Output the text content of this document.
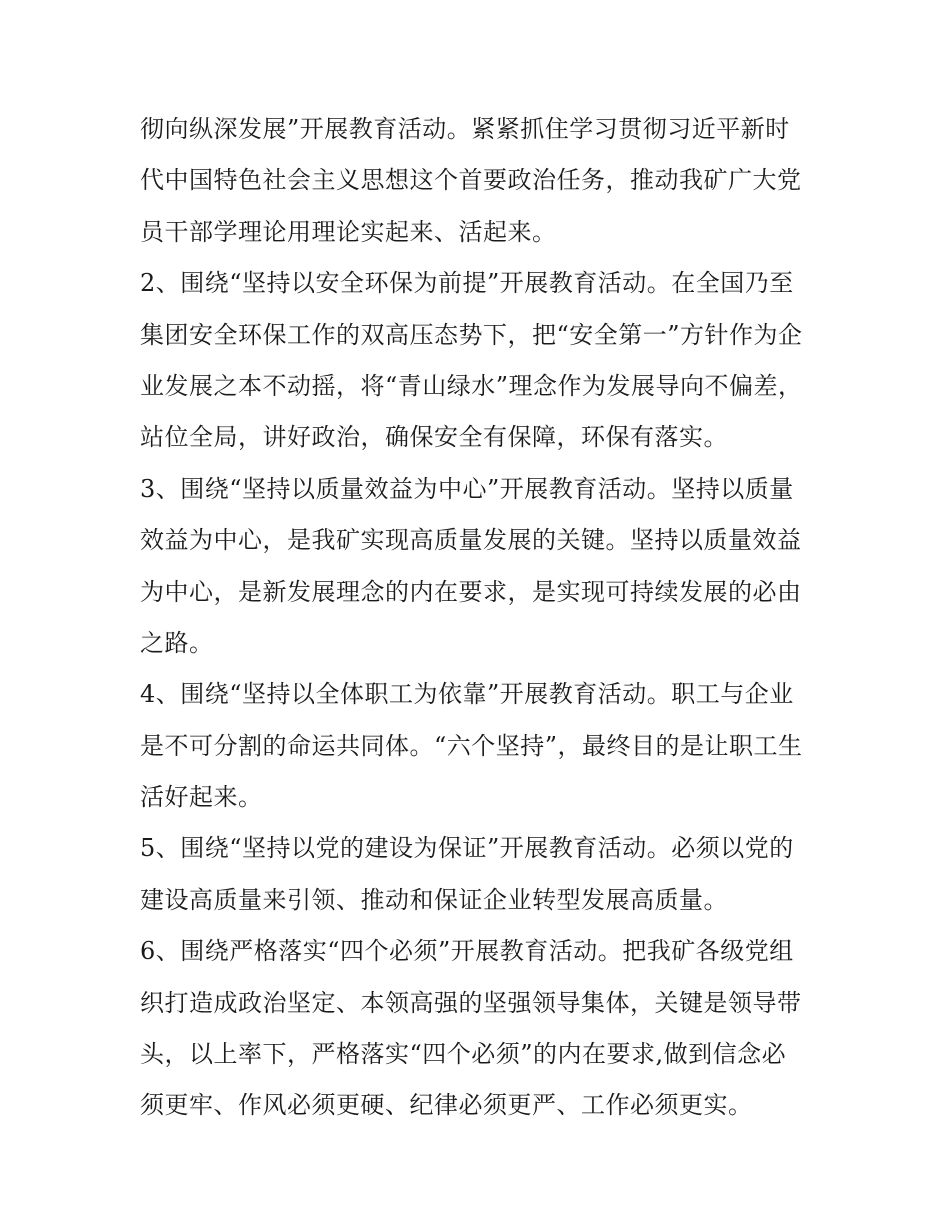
彻向纵深发展”开展教育活动。紧紧抓住学习贯彻习近平新时
代中国特色社会主义思想这个首要政治任务，推动我矿广大党
员干部学理论用理论实起来、活起来。
2、围绕“坚持以安全环保为前提”开展教育活动。在全国乃至
集团安全环保工作的双高压态势下，把“安全第一”方针作为企
业发展之本不动摇，将“青山绿水”理念作为发展导向不偏差，
站位全局，讲好政治，确保安全有保障，环保有落实。
3、围绕“坚持以质量效益为中心”开展教育活动。坚持以质量
效益为中心，是我矿实现高质量发展的关键。坚持以质量效益
为中心，是新发展理念的内在要求，是实现可持续发展的必由
之路。
4、围绕“坚持以全体职工为依靠”开展教育活动。职工与企业
是不可分割的命运共同体。“六个坚持”，最终目的是让职工生
活好起来。
5、围绕“坚持以党的建设为保证”开展教育活动。必须以党的
建设高质量来引领、推动和保证企业转型发展高质量。
6、围绕严格落实“四个必须”开展教育活动。把我矿各级党组
织打造成政治坚定、本领高强的坚强领导集体，关键是领导带
头，以上率下，严格落实“四个必须”的内在要求,做到信念必
须更牢、作风必须更硬、纪律必须更严、工作必须更实。
